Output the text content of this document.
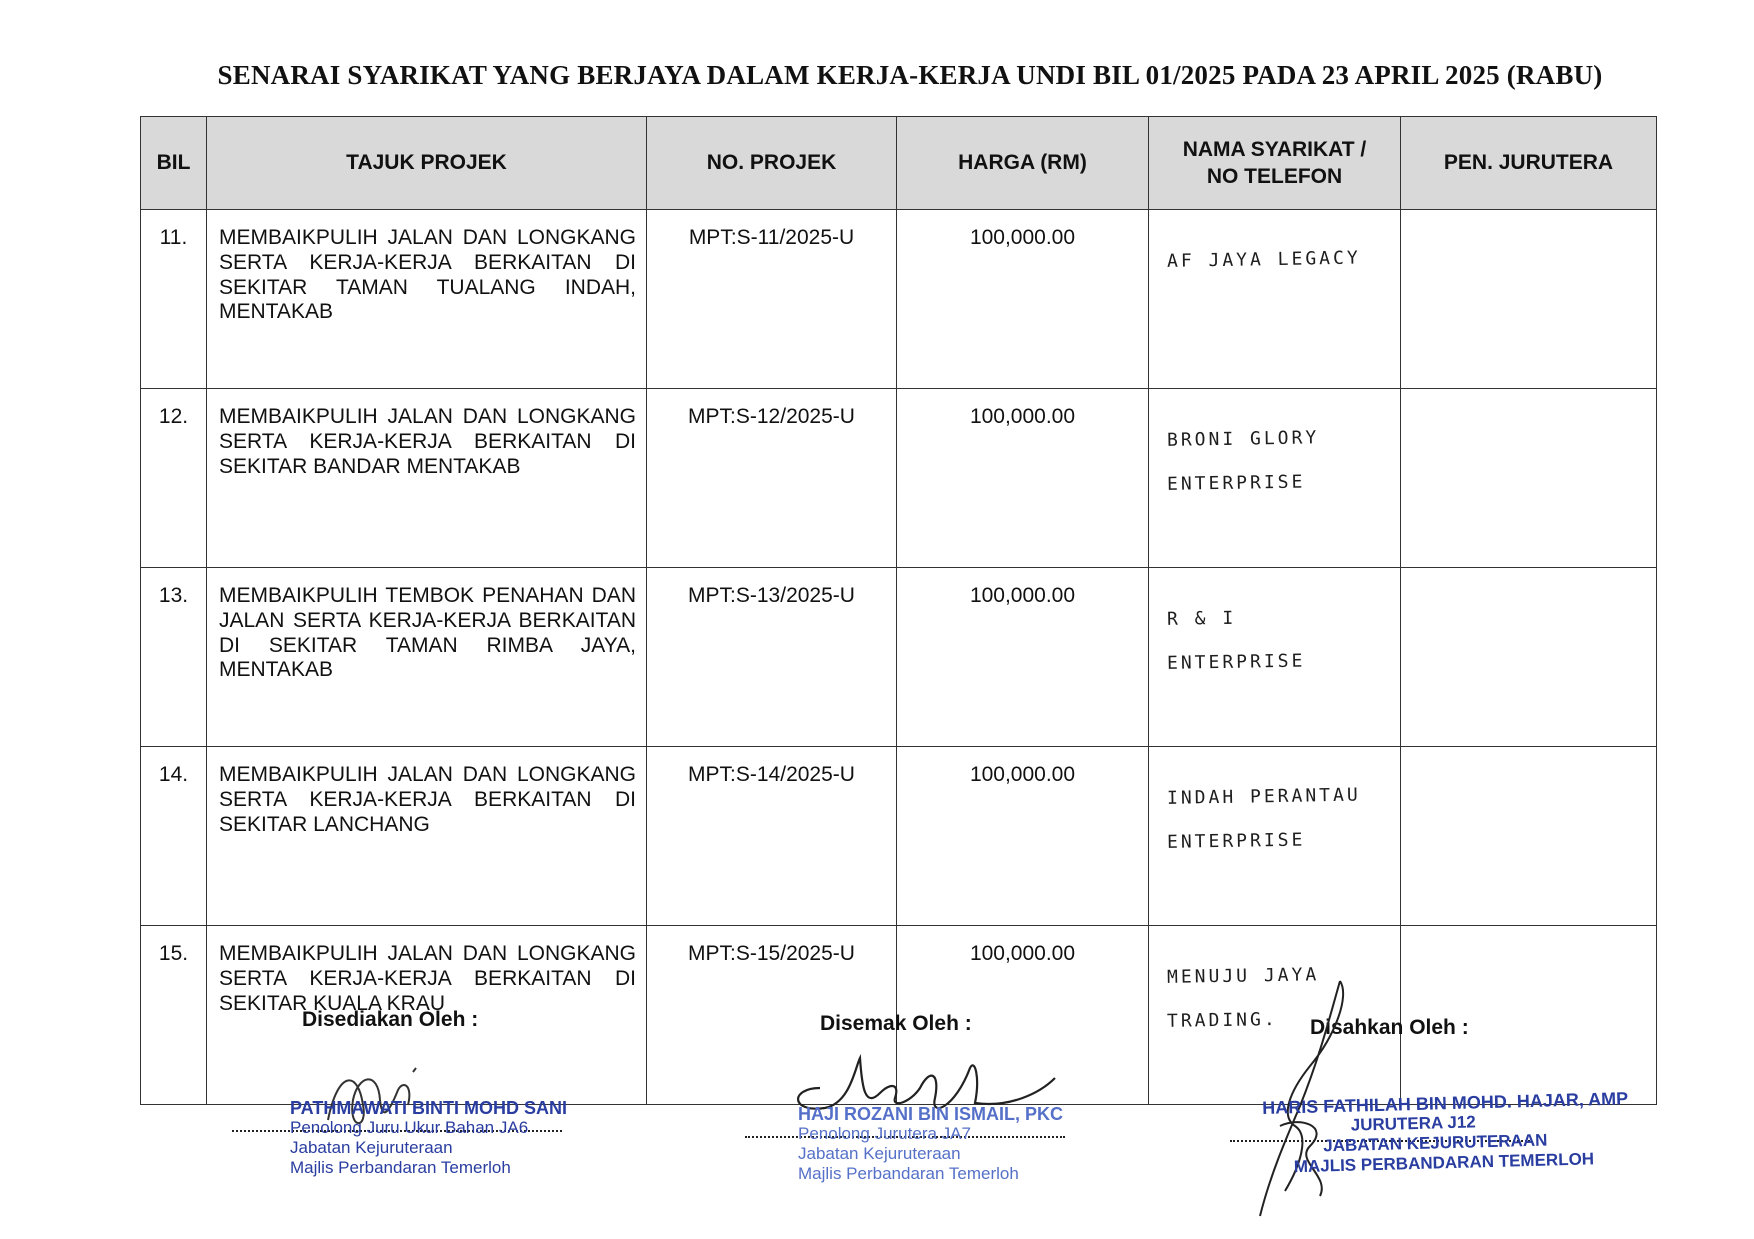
SENARAI SYARIKAT YANG BERJAYA DALAM KERJA-KERJA UNDI BIL 01/2025 PADA 23 APRIL 2025 (RABU)
BIL	TAJUK PROJEK	NO. PROJEK	HARGA (RM)	NAMA SYARIKAT /
NO TELEFON	PEN. JURUTERA
11.	MEMBAIKPULIH JALAN DAN LONGKANG SERTA KERJA-KERJA BERKAITAN DI SEKITAR TAMAN TUALANG INDAH, MENTAKAB	MPT:S-11/2025-U	100,000.00	AF JAYA LEGACY	

12.	MEMBAIKPULIH JALAN DAN LONGKANG SERTA KERJA-KERJA BERKAITAN DI SEKITAR BANDAR MENTAKAB	MPT:S-12/2025-U	100,000.00	BRONI GLORY
ENTERPRISE	

13.	MEMBAIKPULIH TEMBOK PENAHAN DAN JALAN SERTA KERJA-KERJA BERKAITAN DI SEKITAR TAMAN RIMBA JAYA, MENTAKAB	MPT:S-13/2025-U	100,000.00	R & I
ENTERPRISE	

14.	MEMBAIKPULIH JALAN DAN LONGKANG SERTA KERJA-KERJA BERKAITAN DI SEKITAR LANCHANG	MPT:S-14/2025-U	100,000.00	INDAH PERANTAU
ENTERPRISE	

15.	MEMBAIKPULIH JALAN DAN LONGKANG SERTA KERJA-KERJA BERKAITAN DI SEKITAR KUALA KRAU	MPT:S-15/2025-U	100,000.00	MENUJU JAYA
TRADING.	

Disediakan Oleh :
PATHMAWATI BINTI MOHD SANI
Penolong Juru Ukur Bahan JA6
Jabatan Kejuruteraan
Majlis Perbandaran Temerloh
Disemak Oleh :
HAJI ROZANI BIN ISMAIL, PKC
Penolong Jurutera JA7
Jabatan Kejuruteraan
Majlis Perbandaran Temerloh
Disahkan Oleh :
HARIS FATHILAH BIN MOHD. HAJAR, AMP
JURUTERA J12
JABATAN KEJURUTERAAN
MAJLIS PERBANDARAN TEMERLOH
